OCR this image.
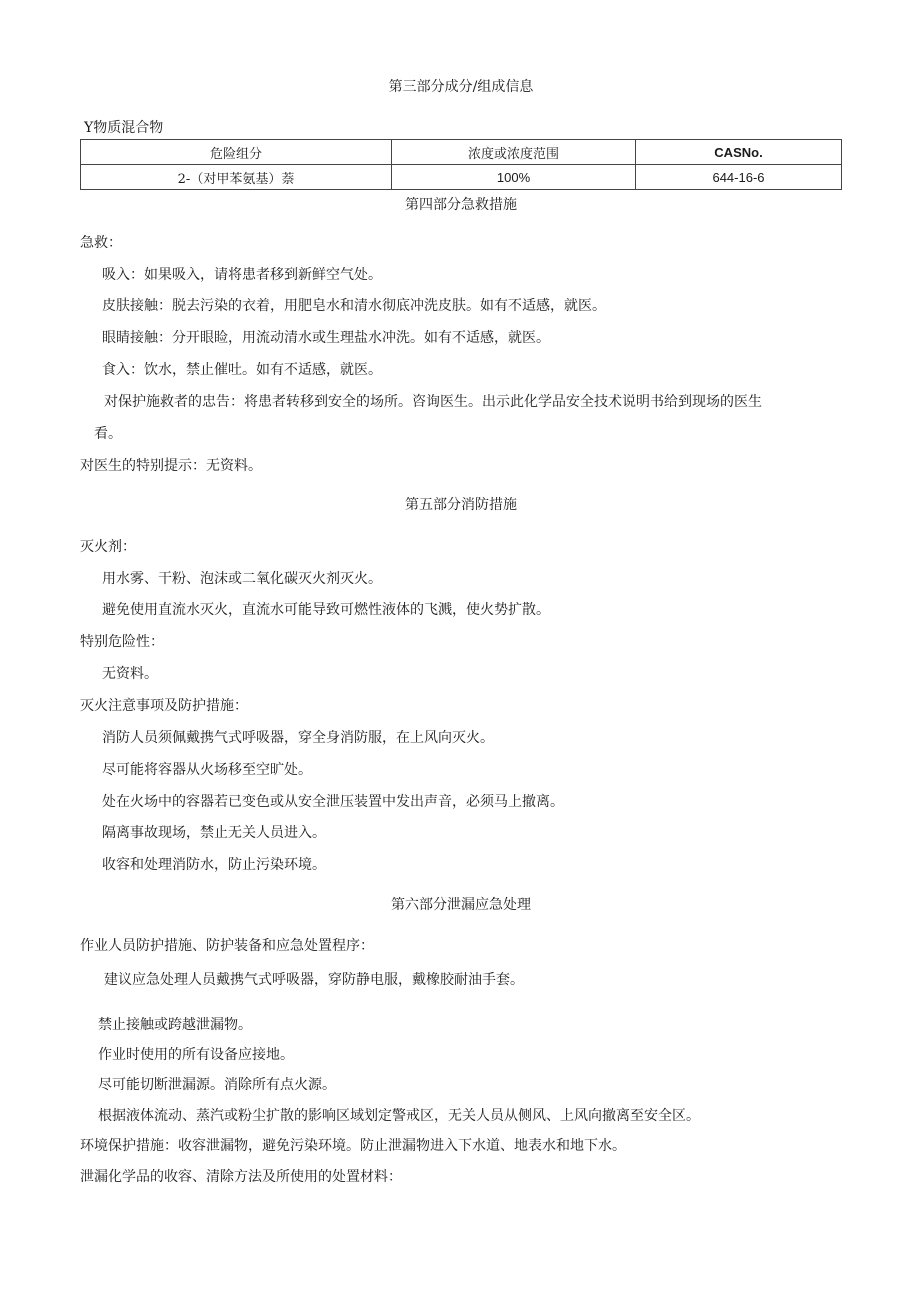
第三部分成分/组成信息
Y物质混合物
危险组分	浓度或浓度范围	CASNo.
2-（对甲苯氨基）萘	100%	644-16-6
第四部分急救措施
急救：
吸入：如果吸入，请将患者移到新鲜空气处。
皮肤接触：脱去污染的衣着，用肥皂水和清水彻底冲洗皮肤。如有不适感，就医。
眼睛接触：分开眼睑，用流动清水或生理盐水冲洗。如有不适感，就医。
食入：饮水，禁止催吐。如有不适感，就医。
对保护施救者的忠告：将患者转移到安全的场所。咨询医生。出示此化学品安全技术说明书给到现场的医生
看。
对医生的特别提示：无资料。
第五部分消防措施
灭火剂：
用水雾、干粉、泡沫或二氧化碳灭火剂灭火。
避免使用直流水灭火，直流水可能导致可燃性液体的飞溅，使火势扩散。
特别危险性：
无资料。
灭火注意事项及防护措施：
消防人员须佩戴携气式呼吸器，穿全身消防服，在上风向灭火。
尽可能将容器从火场移至空旷处。
处在火场中的容器若已变色或从安全泄压装置中发出声音，必须马上撤离。
隔离事故现场，禁止无关人员进入。
收容和处理消防水，防止污染环境。
第六部分泄漏应急处理
作业人员防护措施、防护装备和应急处置程序：
建议应急处理人员戴携气式呼吸器，穿防静电服，戴橡胶耐油手套。
禁止接触或跨越泄漏物。
作业时使用的所有设备应接地。
尽可能切断泄漏源。消除所有点火源。
根据液体流动、蒸汽或粉尘扩散的影响区域划定警戒区，无关人员从侧风、上风向撤离至安全区。
环境保护措施：收容泄漏物，避免污染环境。防止泄漏物进入下水道、地表水和地下水。
泄漏化学品的收容、清除方法及所使用的处置材料：
